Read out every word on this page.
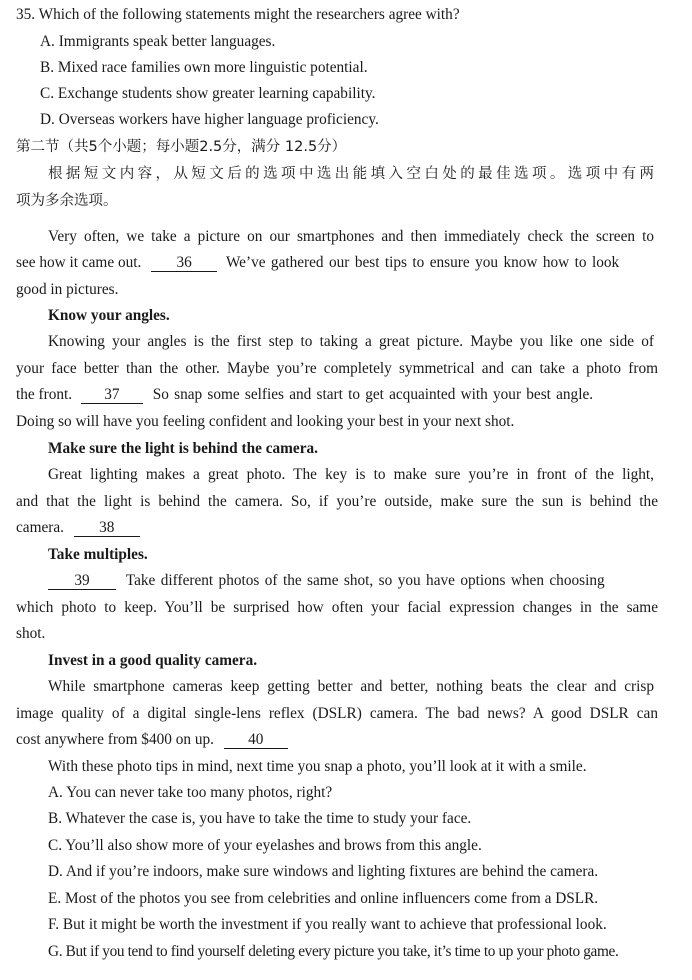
35. Which of the following statements might the researchers agree with?
A. Immigrants speak better languages.
B. Mixed race families own more linguistic potential.
C. Exchange students show greater learning capability.
D. Overseas workers have higher language proficiency.
第二节（共5个小题；每小题2.5分，满分 12.5分）
根据短文内容，从短文后的选项中选出能填入空白处的最佳选项。选项中有两
项为多余选项。
Very often, we take a picture on our smartphones and then immediately check the screen to
see how it came out. 36 We’ve gathered our best tips to ensure you know how to look
good in pictures.
Know your angles.
Knowing your angles is the first step to taking a great picture. Maybe you like one side of
your face better than the other. Maybe you’re completely symmetrical and can take a photo from
the front. 37 So snap some selfies and start to get acquainted with your best angle.
Doing so will have you feeling confident and looking your best in your next shot.
Make sure the light is behind the camera.
Great lighting makes a great photo. The key is to make sure you’re in front of the light,
and that the light is behind the camera. So, if you’re outside, make sure the sun is behind the
camera. 38
Take multiples.
39 Take different photos of the same shot, so you have options when choosing
which photo to keep. You’ll be surprised how often your facial expression changes in the same
shot.
Invest in a good quality camera.
While smartphone cameras keep getting better and better, nothing beats the clear and crisp
image quality of a digital single-lens reflex (DSLR) camera. The bad news? A good DSLR can
cost anywhere from $400 on up. 40
With these photo tips in mind, next time you snap a photo, you’ll look at it with a smile.
A. You can never take too many photos, right?
B. Whatever the case is, you have to take the time to study your face.
C. You’ll also show more of your eyelashes and brows from this angle.
D. And if you’re indoors, make sure windows and lighting fixtures are behind the camera.
E. Most of the photos you see from celebrities and online influencers come from a DSLR.
F. But it might be worth the investment if you really want to achieve that professional look.
G. But if you tend to find yourself deleting every picture you take, it’s time to up your photo game.
